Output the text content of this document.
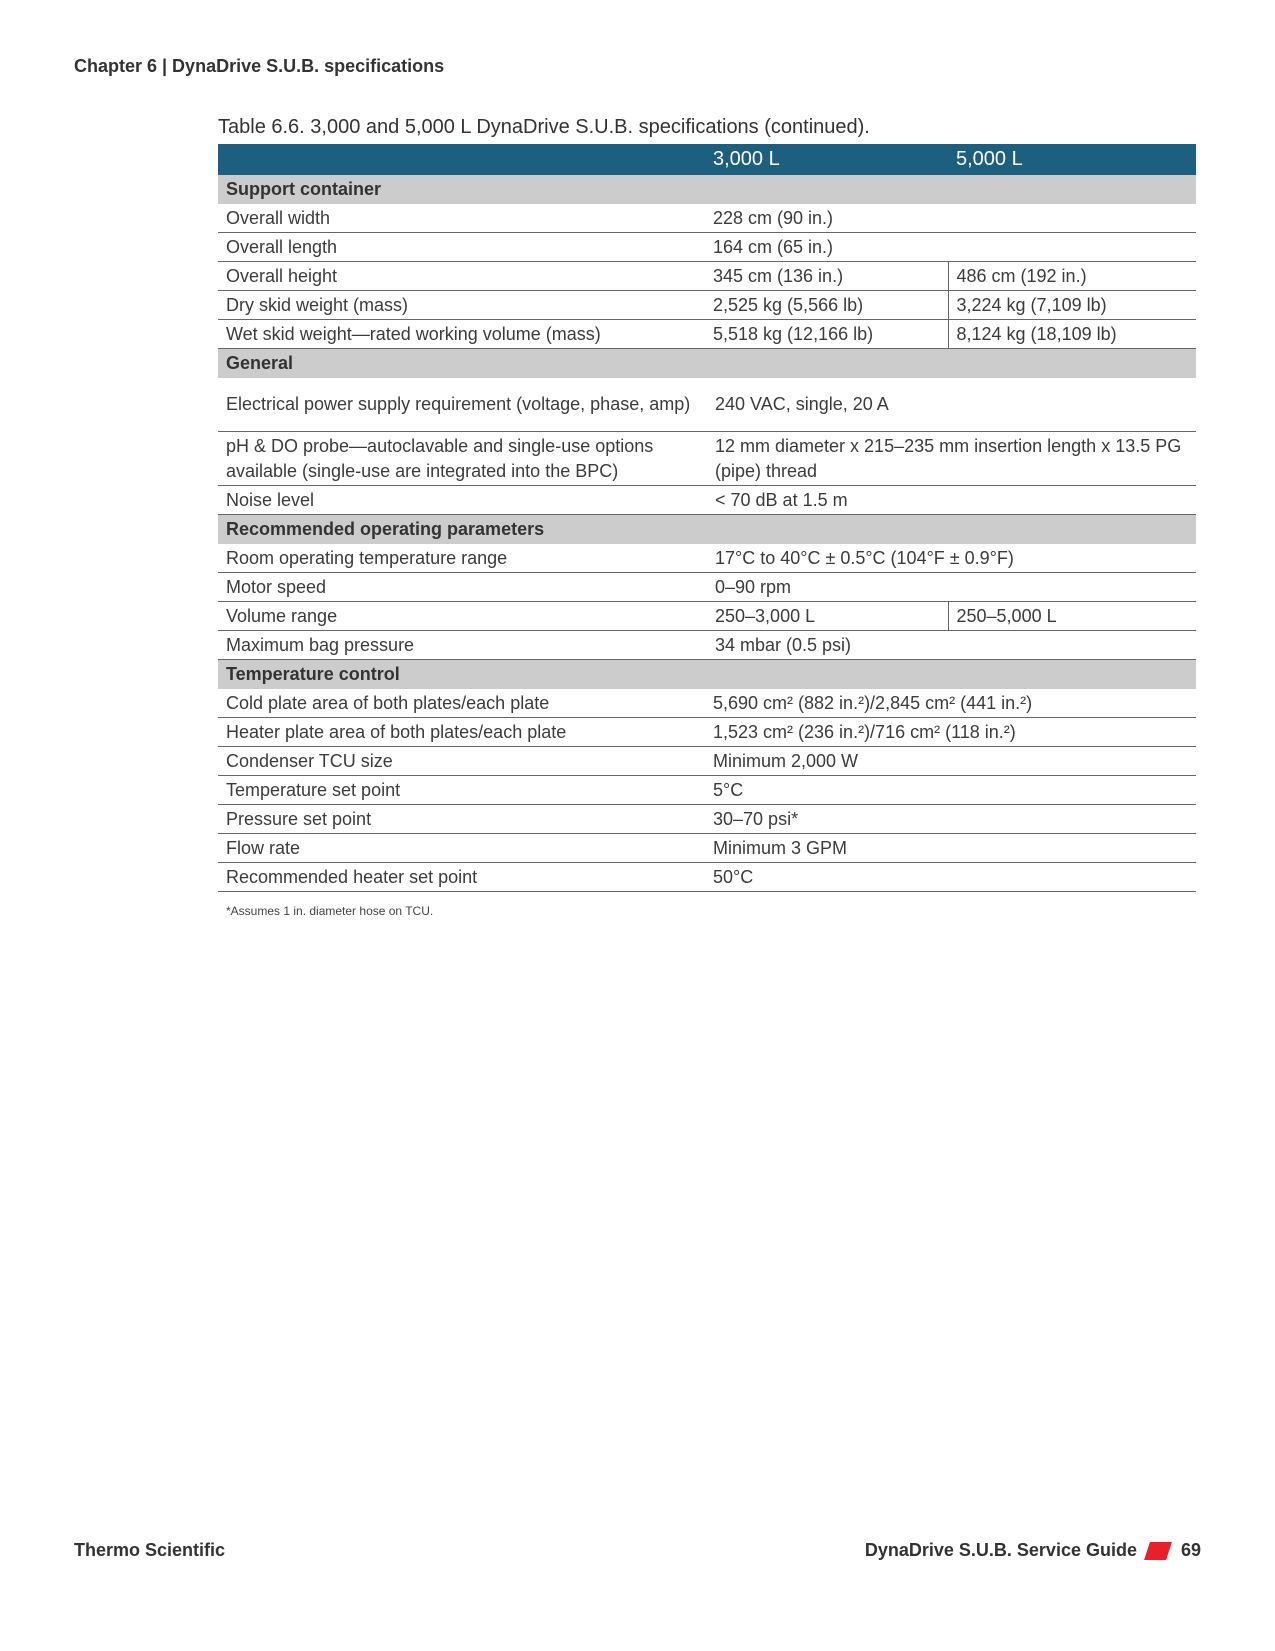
Chapter 6 | DynaDrive S.U.B. specifications
Table 6.6. 3,000 and 5,000 L DynaDrive S.U.B. specifications (continued).
	3,000 L	5,000 L
Support container		
Overall width	228 cm (90 in.)	
Overall length	164 cm (65 in.)	
Overall height	345 cm (136 in.)	486 cm (192 in.)
Dry skid weight (mass)	2,525 kg (5,566 lb)	3,224 kg (7,109 lb)
Wet skid weight—rated working volume (mass)	5,518 kg (12,166 lb)	8,124 kg (18,109 lb)
General		
Electrical power supply requirement (voltage, phase, amp)	240 VAC, single, 20 A	
pH & DO probe—autoclavable and single-use options available (single-use are integrated into the BPC)	12 mm diameter x 215–235 mm insertion length x 13.5 PG (pipe) thread	
Noise level	< 70 dB at 1.5 m	
Recommended operating parameters		
Room operating temperature range	17°C to 40°C ± 0.5°C (104°F ± 0.9°F)	
Motor speed	0–90 rpm	
Volume range	250–3,000 L	250–5,000 L
Maximum bag pressure	34 mbar (0.5 psi)	
Temperature control		
Cold plate area of both plates/each plate	5,690 cm² (882 in.²)/2,845 cm² (441 in.²)	
Heater plate area of both plates/each plate	1,523 cm² (236 in.²)/716 cm² (118 in.²)	
Condenser TCU size	Minimum 2,000 W	
Temperature set point	5°C	
Pressure set point	30–70 psi*	
Flow rate	Minimum 3 GPM	
Recommended heater set point	50°C	
*Assumes 1 in. diameter hose on TCU.
Thermo Scientific	DynaDrive S.U.B. Service Guide 69
